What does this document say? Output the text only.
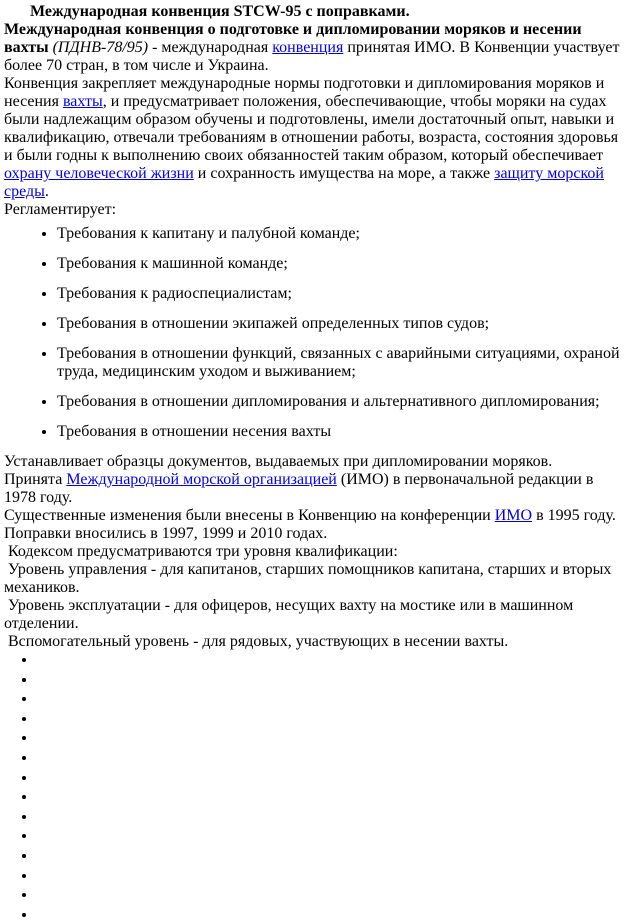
Международная конвенция STCW-95 с поправками.

Международная конвенция о подготовке и дипломировании моряков и несении вахты (ПДНВ-78/95) - международная конвенция принятая ИМО. В Конвенции участвует более 70 стран, в том числе и Украина.

Конвенция закрепляет международные нормы подготовки и дипломирования моряков и несения вахты, и предусматривает положения, обеспечивающие, чтобы моряки на судах были надлежащим образом обучены и подготовлены, имели достаточный опыт, навыки и квалификацию, отвечали требованиям в отношении работы, возраста, состояния здоровья и были годны к выполнению своих обязанностей таким образом, который обеспечивает охрану человеческой жизни и сохранность имущества на море, а также защиту морской среды.

Регламентирует:

• Требования к капитану и палубной команде;
• Требования к машинной команде;
• Требования к радиоспециалистам;
• Требования в отношении экипажей определенных типов судов;
• Требования в отношении функций, связанных с аварийными ситуациями, охраной труда, медицинским уходом и выживанием;
• Требования в отношении дипломирования и альтернативного дипломирования;
• Требования в отношении несения вахты

Устанавливает образцы документов, выдаваемых при дипломировании моряков.

Принята Международной морской организацией (ИМО) в первоначальной редакции в 1978 году.

Существенные изменения были внесены в Конвенцию на конференции ИМО в 1995 году.

Поправки вносились в 1997, 1999 и 2010 годах.

Кодексом предусматриваются три уровня квалификации:

Уровень управления - для капитанов, старших помощников капитана, старших и вторых механиков.

Уровень эксплуатации - для офицеров, несущих вахту на мостике или в машинном отделении.

Вспомогательный уровень - для рядовых, участвующих в несении вахты.

•
•
•
•
•
•
•
•
•
•
•
•
•
•
